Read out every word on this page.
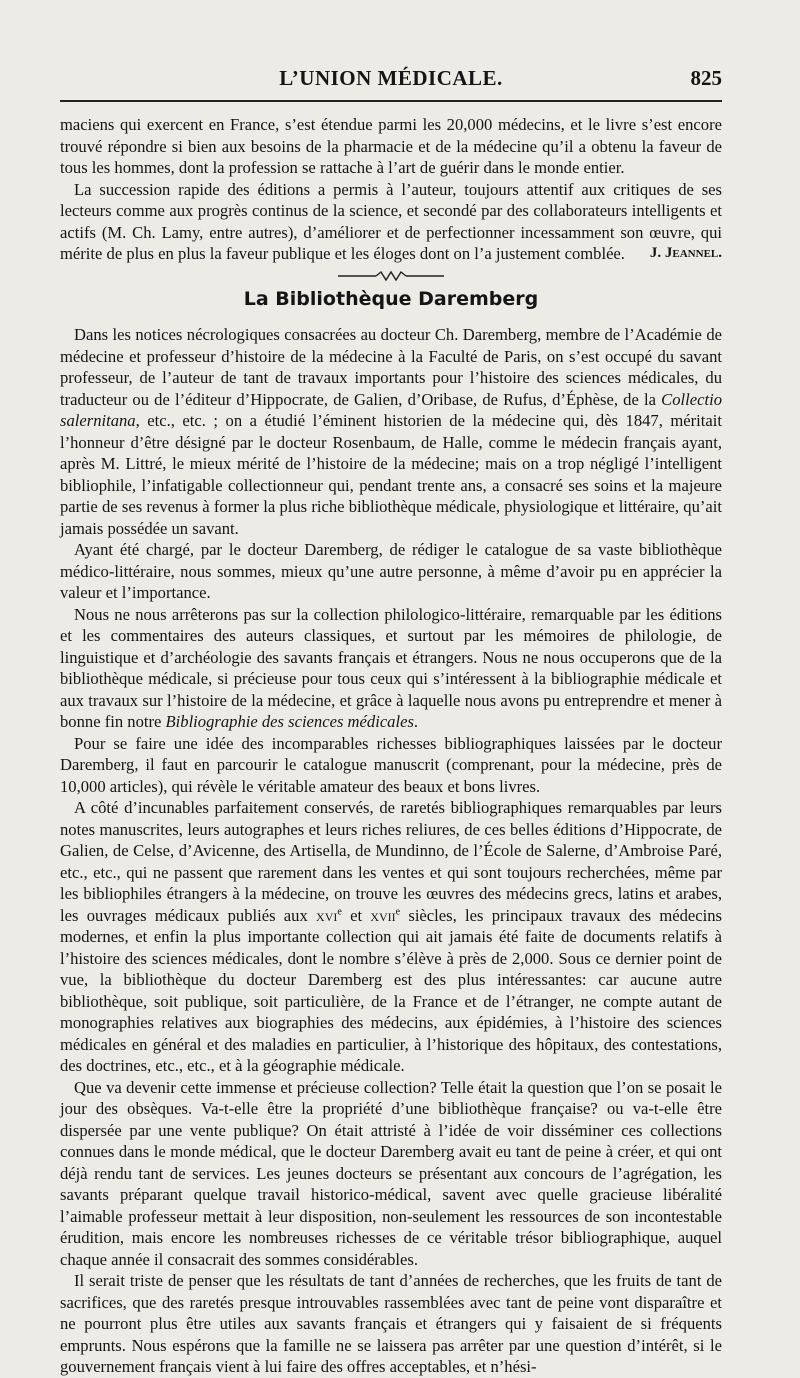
L’UNION MÉDICALE.	825

maciens qui exercent en France, s’est étendue parmi les 20,000 médecins, et le livre s’est encore trouvé répondre si bien aux besoins de la pharmacie et de la médecine qu’il a obtenu la faveur de tous les hommes, dont la profession se rattache à l’art de guérir dans le monde entier.

La succession rapide des éditions a permis à l’auteur, toujours attentif aux critiques de ses lecteurs comme aux progrès continus de la science, et secondé par des collaborateurs intelligents et actifs (M. Ch. Lamy, entre autres), d’améliorer et de perfectionner incessamment son œuvre, qui mérite de plus en plus la faveur publique et les éloges dont on l’a justement comblée.	J. Jeannel.
La Bibliothèque Daremberg

Dans les notices nécrologiques consacrées au docteur Ch. Daremberg, membre de l’Académie de médecine et professeur d’histoire de la médecine à la Faculté de Paris, on s’est occupé du savant professeur, de l’auteur de tant de travaux importants pour l’histoire des sciences médicales, du traducteur ou de l’éditeur d’Hippocrate, de Galien, d’Oribase, de Rufus, d’Éphèse, de la Collectio salernitana, etc., etc. ; on a étudié l’éminent historien de la médecine qui, dès 1847, méritait l’honneur d’être désigné par le docteur Rosenbaum, de Halle, comme le médecin français ayant, après M. Littré, le mieux mérité de l’histoire de la médecine; mais on a trop négligé l’intelligent bibliophile, l’infatigable collectionneur qui, pendant trente ans, a consacré ses soins et la majeure partie de ses revenus à former la plus riche bibliothèque médicale, physiologique et littéraire, qu’ait jamais possédée un savant.

Ayant été chargé, par le docteur Daremberg, de rédiger le catalogue de sa vaste bibliothèque médico-littéraire, nous sommes, mieux qu’une autre personne, à même d’avoir pu en apprécier la valeur et l’importance.

Nous ne nous arrêterons pas sur la collection philologico-littéraire, remarquable par les éditions et les commentaires des auteurs classiques, et surtout par les mémoires de philologie, de linguistique et d’archéologie des savants français et étrangers. Nous ne nous occuperons que de la bibliothèque médicale, si précieuse pour tous ceux qui s’intéressent à la bibliographie médicale et aux travaux sur l’histoire de la médecine, et grâce à laquelle nous avons pu entreprendre et mener à bonne fin notre Bibliographie des sciences médicales.

Pour se faire une idée des incomparables richesses bibliographiques laissées par le docteur Daremberg, il faut en parcourir le catalogue manuscrit (comprenant, pour la médecine, près de 10,000 articles), qui révèle le véritable amateur des beaux et bons livres.

A côté d’incunables parfaitement conservés, de raretés bibliographiques remarquables par leurs notes manuscrites, leurs autographes et leurs riches reliures, de ces belles éditions d’Hippocrate, de Galien, de Celse, d’Avicenne, des Artisella, de Mundinno, de l’École de Salerne, d’Ambroise Paré, etc., etc., qui ne passent que rarement dans les ventes et qui sont toujours recherchées, même par les bibliophiles étrangers à la médecine, on trouve les œuvres des médecins grecs, latins et arabes, les ouvrages médicaux publiés aux xvi$^e$ et xvii$^e$ siècles, les principaux travaux des médecins modernes, et enfin la plus importante collection qui ait jamais été faite de documents relatifs à l’histoire des sciences médicales, dont le nombre s’élève à près de 2,000. Sous ce dernier point de vue, la bibliothèque du docteur Daremberg est des plus intéressantes: car aucune autre bibliothèque, soit publique, soit particulière, de la France et de l’étranger, ne compte autant de monographies relatives aux biographies des médecins, aux épidémies, à l’histoire des sciences médicales en général et des maladies en particulier, à l’historique des hôpitaux, des contestations, des doctrines, etc., etc., et à la géographie médicale.

Que va devenir cette immense et précieuse collection? Telle était la question que l’on se posait le jour des obsèques. Va-t-elle être la propriété d’une bibliothèque française? ou va-t-elle être dispersée par une vente publique? On était attristé à l’idée de voir disséminer ces collections connues dans le monde médical, que le docteur Daremberg avait eu tant de peine à créer, et qui ont déjà rendu tant de services. Les jeunes docteurs se présentant aux concours de l’agrégation, les savants préparant quelque travail historico-médical, savent avec quelle gracieuse libéralité l’aimable professeur mettait à leur disposition, non-seulement les ressources de son incontestable érudition, mais encore les nombreuses richesses de ce véritable trésor bibliographique, auquel chaque année il consacrait des sommes considérables.

Il serait triste de penser que les résultats de tant d’années de recherches, que les fruits de tant de sacrifices, que des raretés presque introuvables rassemblées avec tant de peine vont disparaître et ne pourront plus être utiles aux savants français et étrangers qui y faisaient de si fréquents emprunts. Nous espérons que la famille ne se laissera pas arrêter par une question d’intérêt, si le gouvernement français vient à lui faire des offres acceptables, et n’hési-
